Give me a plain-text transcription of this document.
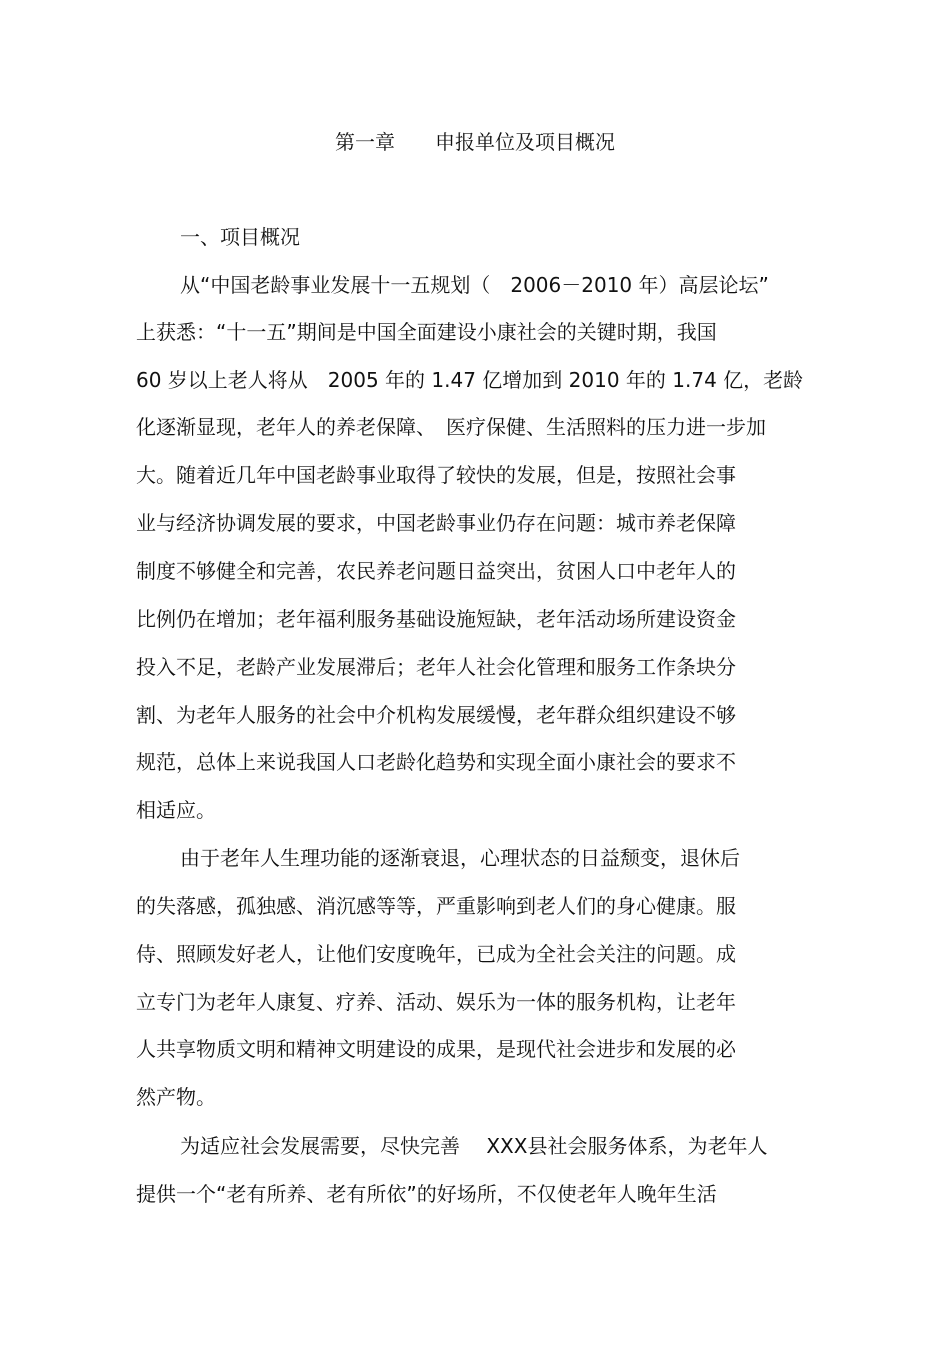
第一章　　申报单位及项目概况
一、项目概况
从“中国老龄事业发展十一五规划（　2006－2010 年）高层论坛”
上获悉：“十一五”期间是中国全面建设小康社会的关键时期，我国
60 岁以上老人将从　2005 年的 1.47 亿增加到 2010 年的 1.74 亿，老龄
化逐渐显现，老年人的养老保障、　医疗保健、生活照料的压力进一步加
大。随着近几年中国老龄事业取得了较快的发展，但是，按照社会事
业与经济协调发展的要求，中国老龄事业仍存在问题：城市养老保障
制度不够健全和完善，农民养老问题日益突出，贫困人口中老年人的
比例仍在增加；老年福利服务基础设施短缺，老年活动场所建设资金
投入不足，老龄产业发展滞后；老年人社会化管理和服务工作条块分
割、为老年人服务的社会中介机构发展缓慢，老年群众组织建设不够
规范，总体上来说我国人口老龄化趋势和实现全面小康社会的要求不
相适应。
由于老年人生理功能的逐渐衰退，心理状态的日益颓变，退休后
的失落感，孤独感、消沉感等等，严重影响到老人们的身心健康。服
侍、照顾发好老人，让他们安度晚年，已成为全社会关注的问题。成
立专门为老年人康复、疗养、活动、娱乐为一体的服务机构，让老年
人共享物质文明和精神文明建设的成果，是现代社会进步和发展的必
然产物。
为适应社会发展需要，尽快完善　 XXX县社会服务体系，为老年人
提供一个“老有所养、老有所依”的好场所，不仅使老年人晚年生活
